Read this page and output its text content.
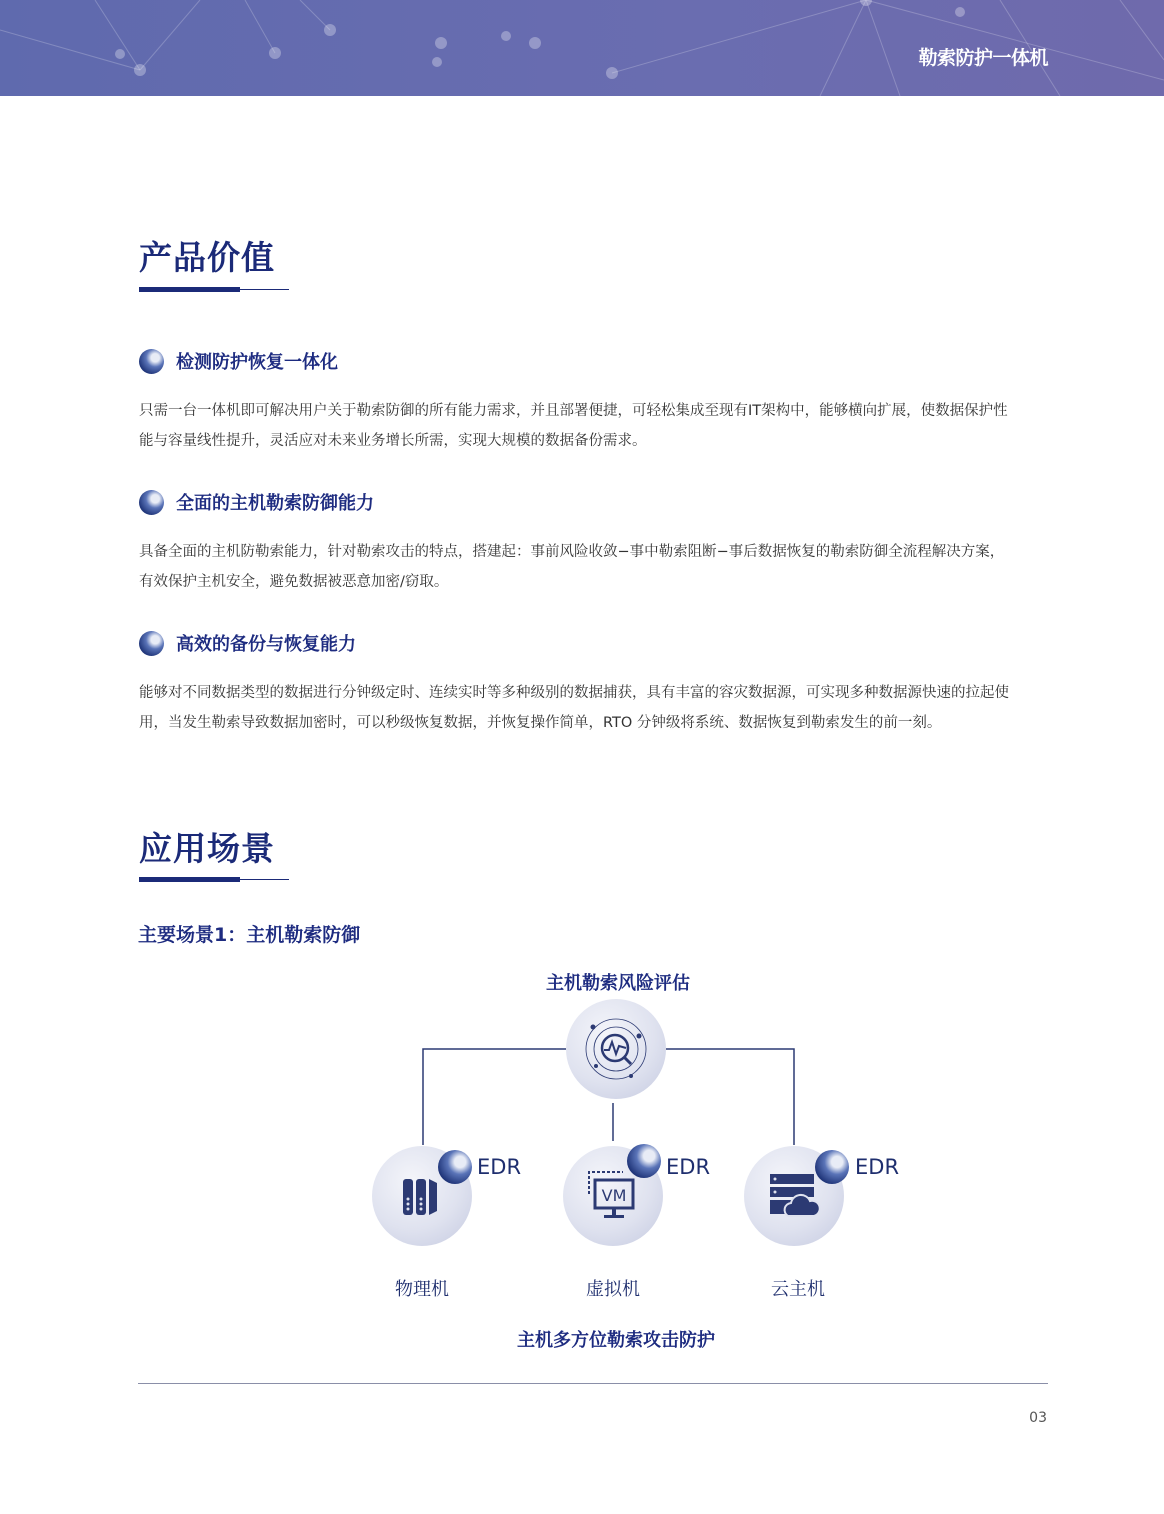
勒索防护一体机
产品价值
检测防护恢复一体化
只需一台一体机即可解决用户关于勒索防御的所有能力需求，并且部署便捷，可轻松集成至现有IT架构中，能够横向扩展，使数据保护性
能与容量线性提升，灵活应对未来业务增长所需，实现大规模的数据备份需求。
全面的主机勒索防御能力
具备全面的主机防勒索能力，针对勒索攻击的特点，搭建起：事前风险收敛−事中勒索阻断−事后数据恢复的勒索防御全流程解决方案，
有效保护主机安全，避免数据被恶意加密/窃取。
高效的备份与恢复能力
能够对不同数据类型的数据进行分钟级定时、连续实时等多种级别的数据捕获，具有丰富的容灾数据源，可实现多种数据源快速的拉起使
用，当发生勒索导致数据加密时，可以秒级恢复数据，并恢复操作简单，RTO 分钟级将系统、数据恢复到勒索发生的前一刻。
应用场景
主要场景1：主机勒索防御
主机勒索风险评估
EDR
物理机
VM
EDR
虚拟机
EDR
云主机
主机多方位勒索攻击防护
03
